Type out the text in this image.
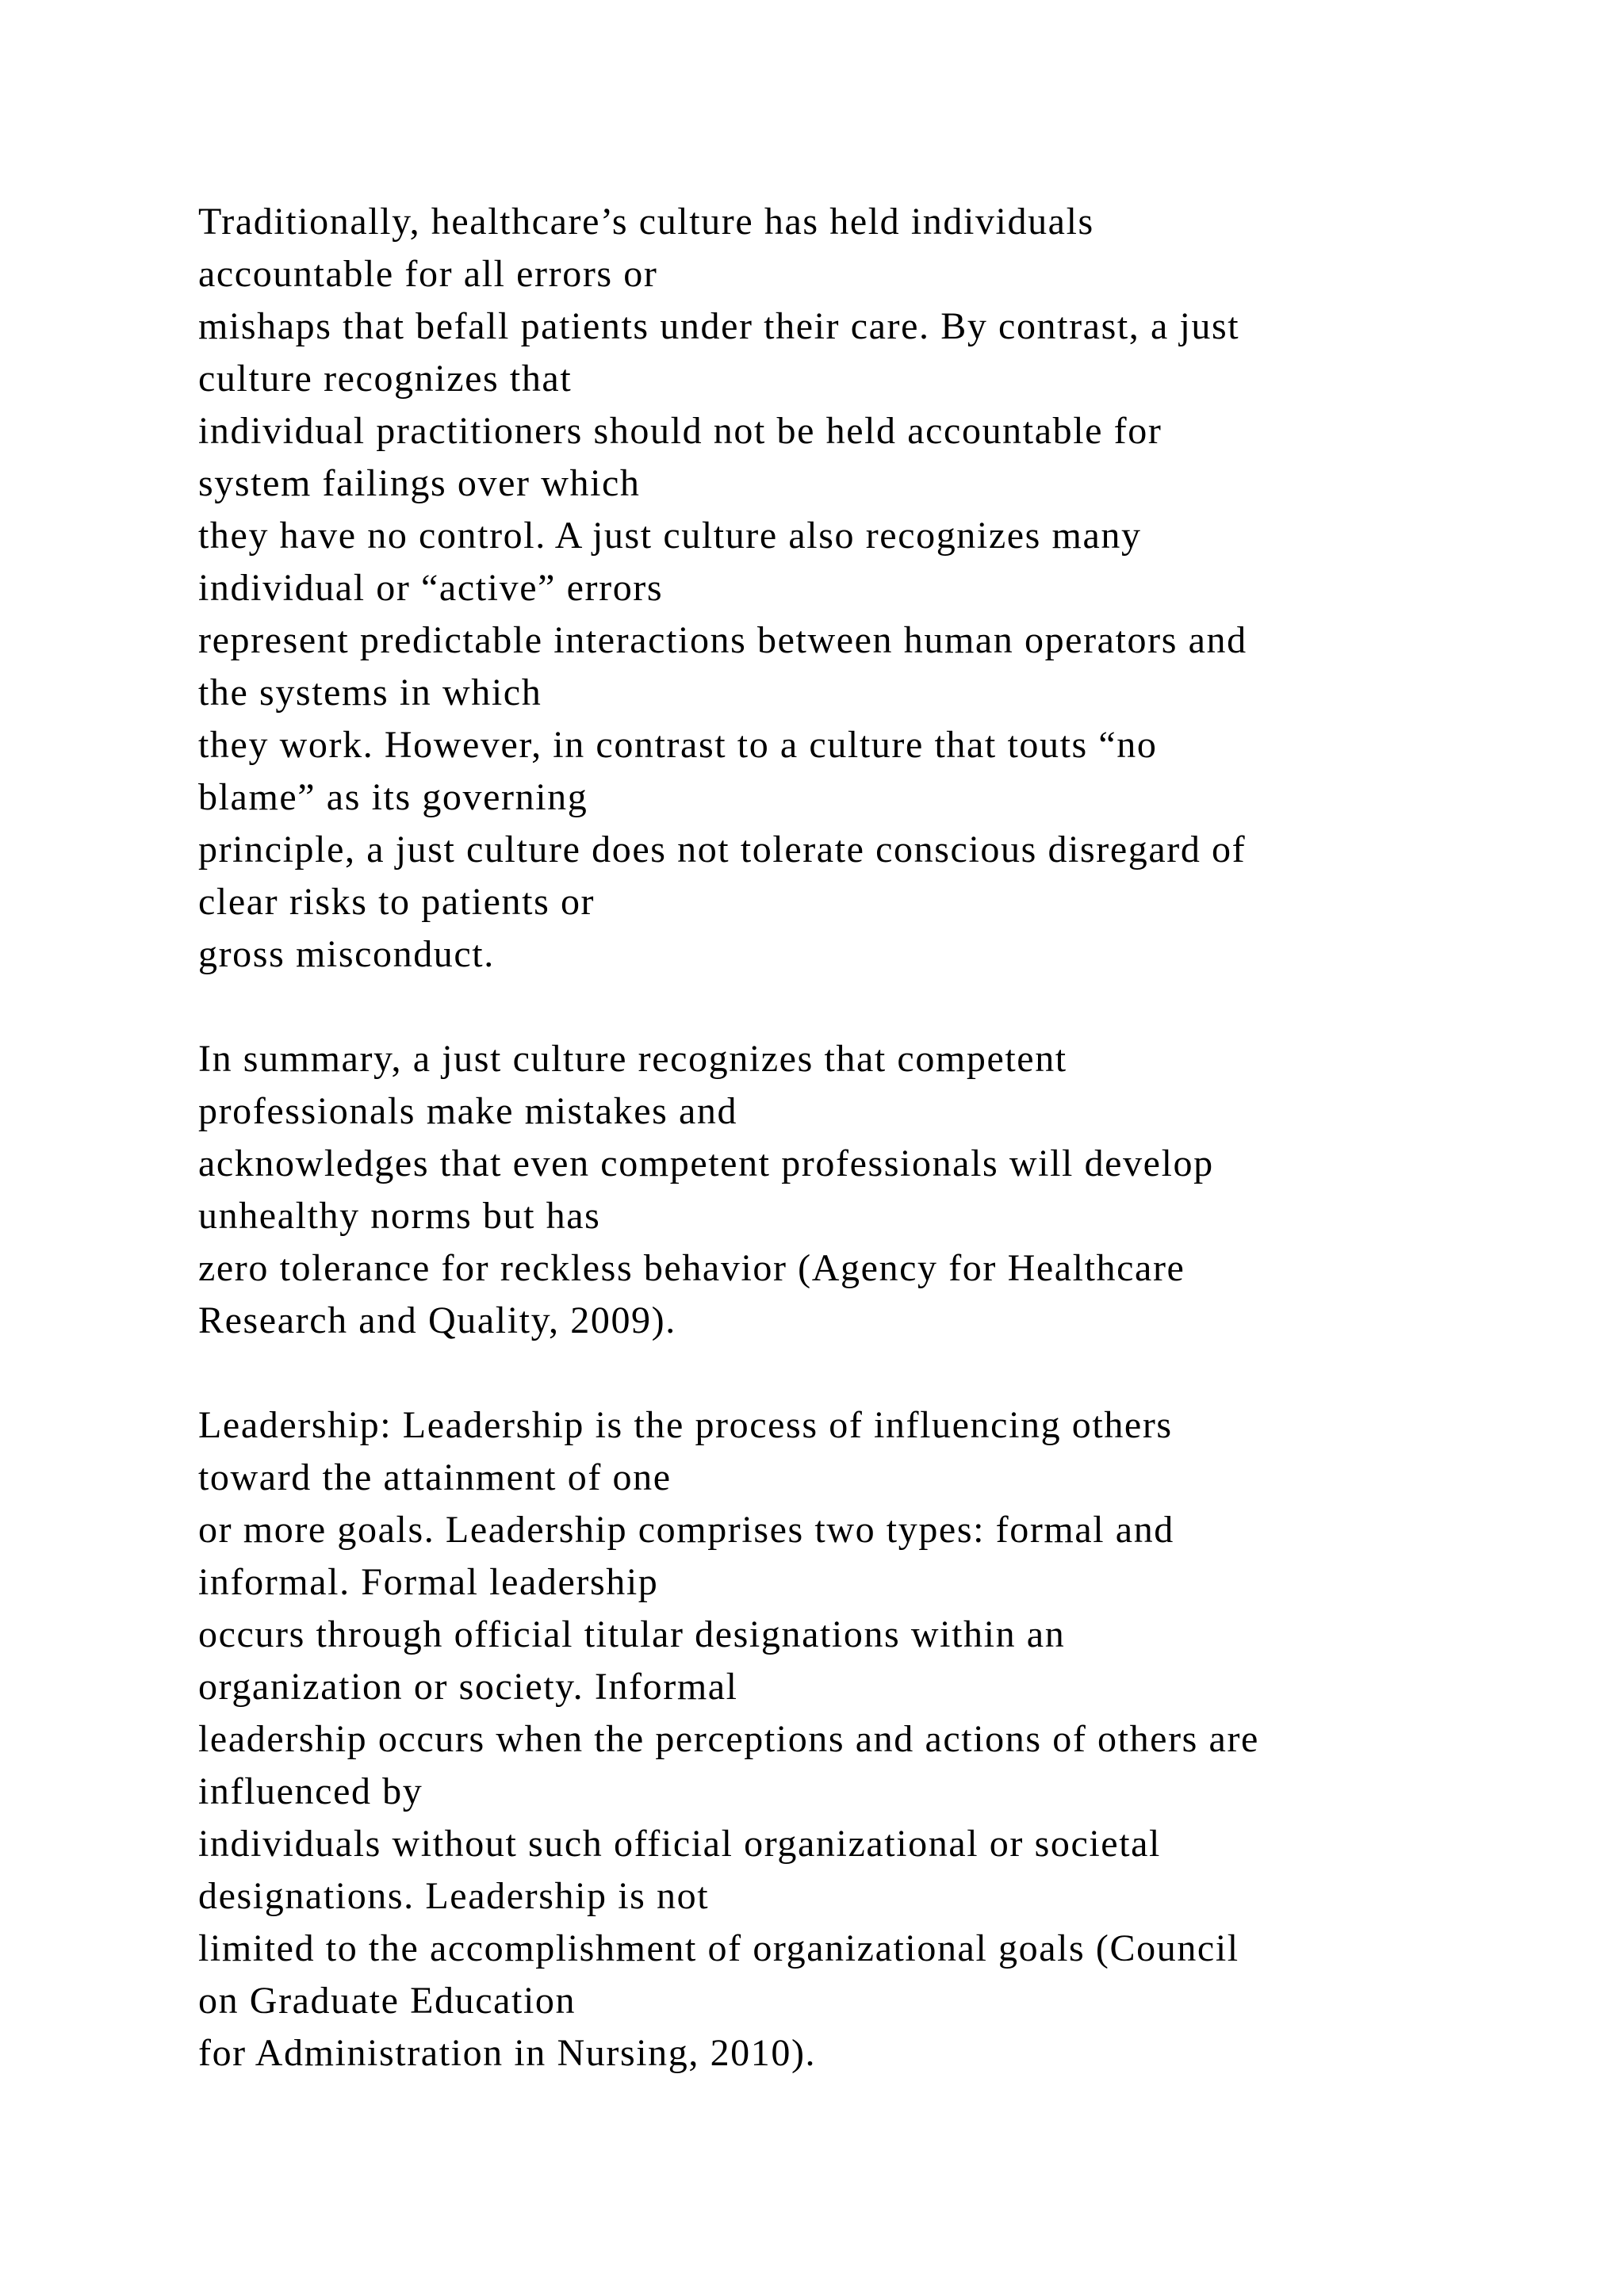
Traditionally, healthcare’s culture has held individuals
accountable for all errors or
mishaps that befall patients under their care. By contrast, a just
culture recognizes that
individual practitioners should not be held accountable for
system failings over which
they have no control. A just culture also recognizes many
individual or “active” errors
represent predictable interactions between human operators and
the systems in which
they work. However, in contrast to a culture that touts “no
blame” as its governing
principle, a just culture does not tolerate conscious disregard of
clear risks to patients or
gross misconduct.
In summary, a just culture recognizes that competent
professionals make mistakes and
acknowledges that even competent professionals will develop
unhealthy norms but has
zero tolerance for reckless behavior (Agency for Healthcare
Research and Quality, 2009).
Leadership: Leadership is the process of influencing others
toward the attainment of one
or more goals. Leadership comprises two types: formal and
informal. Formal leadership
occurs through official titular designations within an
organization or society. Informal
leadership occurs when the perceptions and actions of others are
influenced by
individuals without such official organizational or societal
designations. Leadership is not
limited to the accomplishment of organizational goals (Council
on Graduate Education
for Administration in Nursing, 2010).
